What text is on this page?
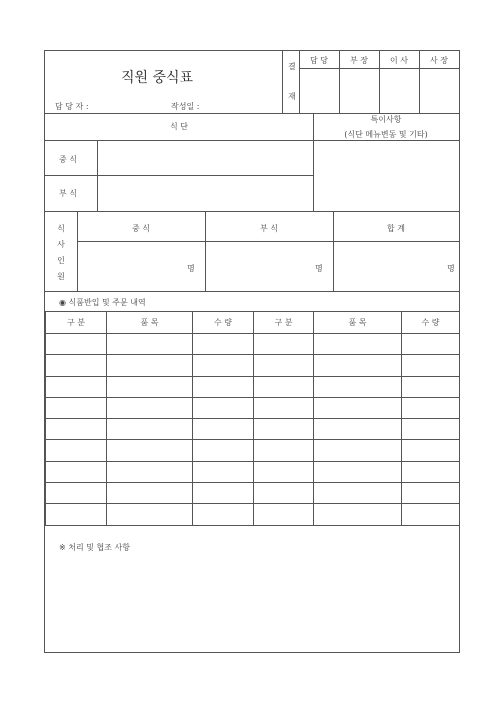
직원 중식표
담 당 자 :	작성일 :
결
재
담 당	부 장	이 사	사 장
식 단
특이사항
(식단 메뉴변동 및 기타)
중 식
부 식
식
사
인
원
중 식	부 식	합 계
명	명	명
◉ 식품반입 및 주문 내역
구 분	품 목	수 량	구 분	품 목	수 량

※ 처리 및 협조 사항
